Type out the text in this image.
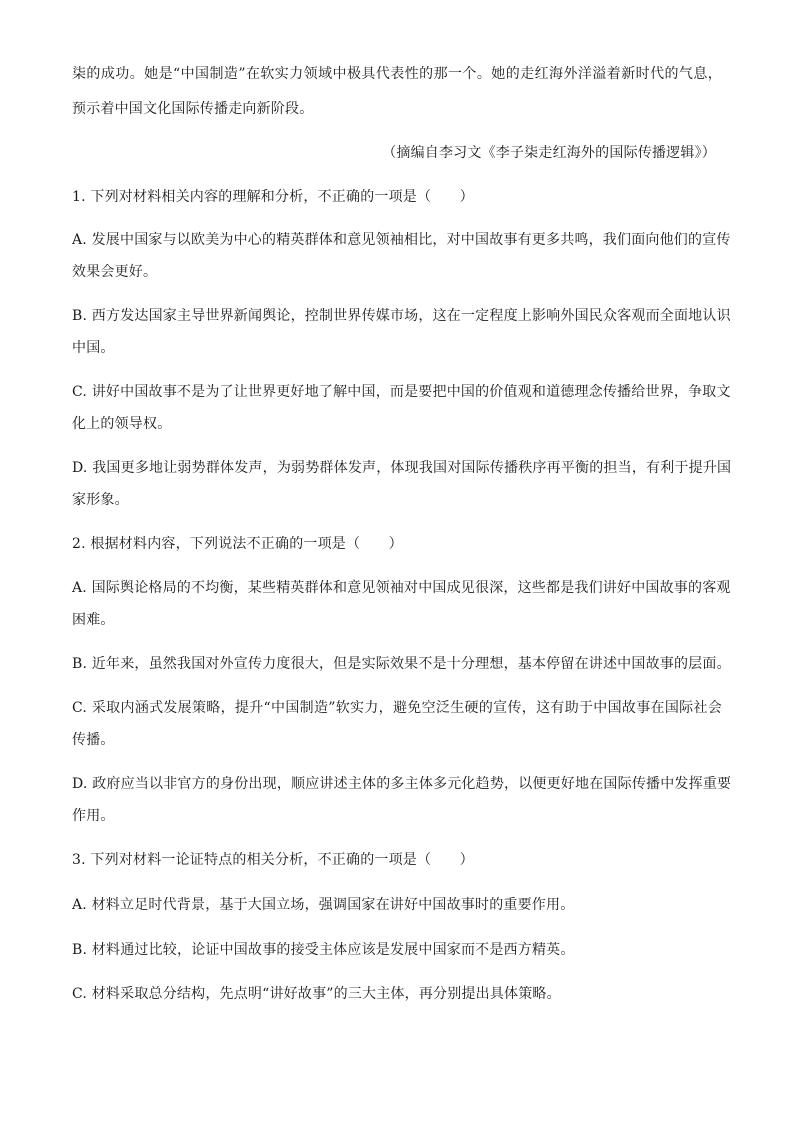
柒的成功。她是“中国制造”在软实力领域中极具代表性的那一个。她的走红海外洋溢着新时代的气息，
预示着中国文化国际传播走向新阶段。
（摘编自李习文《李子柒走红海外的国际传播逻辑》）
1. 下列对材料相关内容的理解和分析，不正确的一项是（　　）
A. 发展中国家与以欧美为中心的精英群体和意见领袖相比，对中国故事有更多共鸣，我们面向他们的宣传
效果会更好。
B. 西方发达国家主导世界新闻舆论，控制世界传媒市场，这在一定程度上影响外国民众客观而全面地认识
中国。
C. 讲好中国故事不是为了让世界更好地了解中国，而是要把中国的价值观和道德理念传播给世界，争取文
化上的领导权。
D. 我国更多地让弱势群体发声，为弱势群体发声，体现我国对国际传播秩序再平衡的担当，有利于提升国
家形象。
2. 根据材料内容，下列说法不正确的一项是（　　）
A. 国际舆论格局的不均衡，某些精英群体和意见领袖对中国成见很深，这些都是我们讲好中国故事的客观
困难。
B. 近年来，虽然我国对外宣传力度很大，但是实际效果不是十分理想，基本停留在讲述中国故事的层面。
C. 采取内涵式发展策略，提升“中国制造”软实力，避免空泛生硬的宣传，这有助于中国故事在国际社会
传播。
D. 政府应当以非官方的身份出现，顺应讲述主体的多主体多元化趋势，以便更好地在国际传播中发挥重要
作用。
3. 下列对材料一论证特点的相关分析，不正确的一项是（　　）
A. 材料立足时代背景，基于大国立场，强调国家在讲好中国故事时的重要作用。
B. 材料通过比较，论证中国故事的接受主体应该是发展中国家而不是西方精英。
C. 材料采取总分结构，先点明“讲好故事”的三大主体，再分别提出具体策略。
